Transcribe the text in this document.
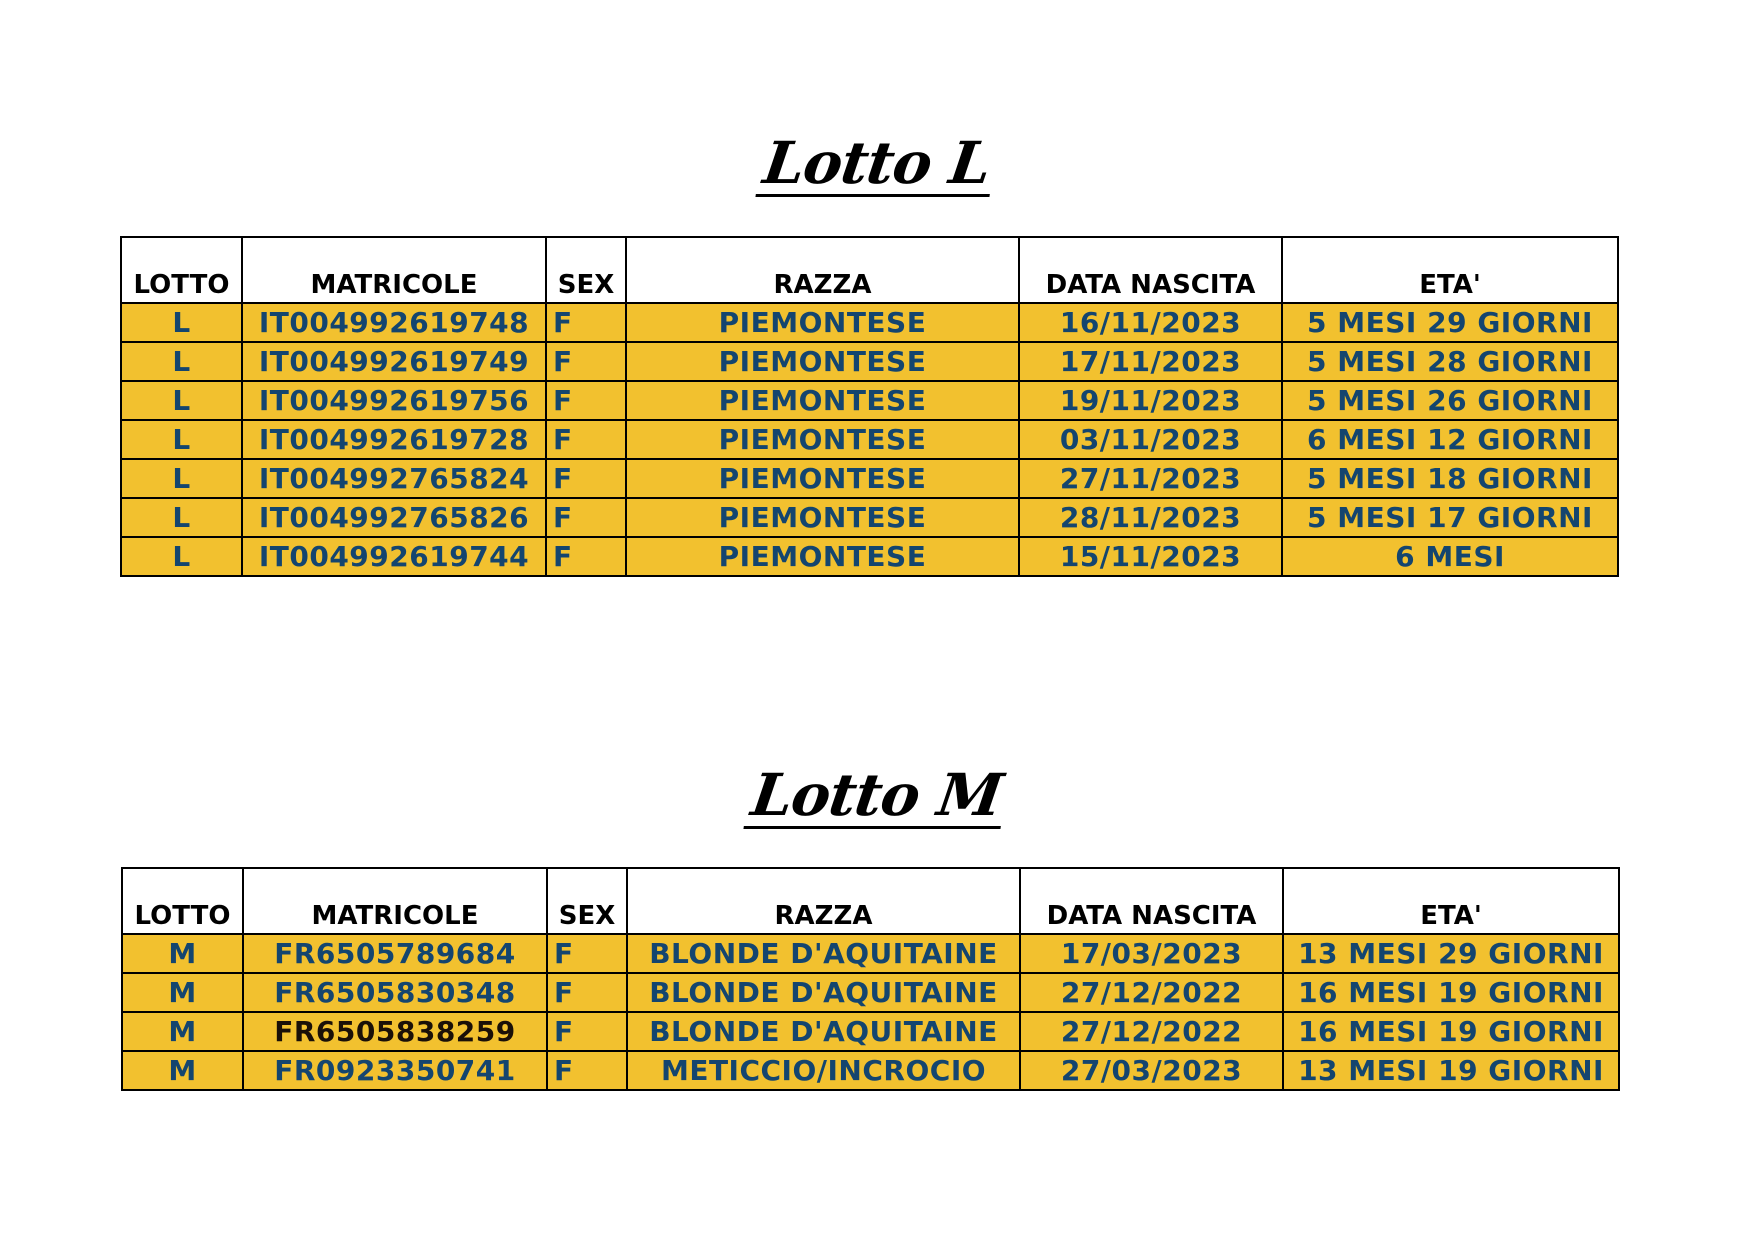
Lotto L
LOTTO	MATRICOLE	SEX	RAZZA	DATA NASCITA	ETA'
L	IT004992619748	F	PIEMONTESE	16/11/2023	5 MESI 29 GIORNI
L	IT004992619749	F	PIEMONTESE	17/11/2023	5 MESI 28 GIORNI
L	IT004992619756	F	PIEMONTESE	19/11/2023	5 MESI 26 GIORNI
L	IT004992619728	F	PIEMONTESE	03/11/2023	6 MESI 12 GIORNI
L	IT004992765824	F	PIEMONTESE	27/11/2023	5 MESI 18 GIORNI
L	IT004992765826	F	PIEMONTESE	28/11/2023	5 MESI 17 GIORNI
L	IT004992619744	F	PIEMONTESE	15/11/2023	6 MESI
Lotto M
LOTTO	MATRICOLE	SEX	RAZZA	DATA NASCITA	ETA'
M	FR6505789684	F	BLONDE D'AQUITAINE	17/03/2023	13 MESI 29 GIORNI
M	FR6505830348	F	BLONDE D'AQUITAINE	27/12/2022	16 MESI 19 GIORNI
M	FR6505838259	F	BLONDE D'AQUITAINE	27/12/2022	16 MESI 19 GIORNI
M	FR0923350741	F	METICCIO/INCROCIO	27/03/2023	13 MESI 19 GIORNI
